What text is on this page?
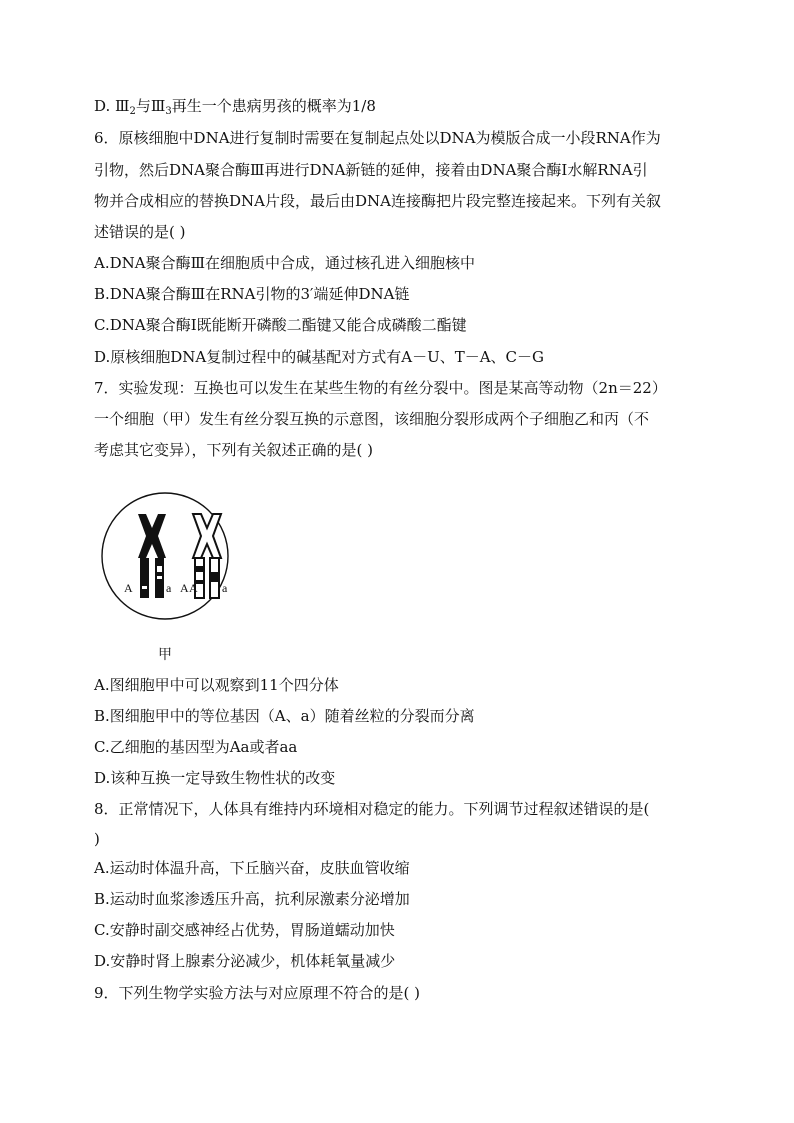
D. $Ⅲ_2$与$Ⅲ_3$再生一个患病男孩的概率为1/8
6．原核细胞中DNA进行复制时需要在复制起点处以DNA为模版合成一小段RNA作为
引物，然后DNA聚合酶Ⅲ再进行DNA新链的延伸，接着由DNA聚合酶Ⅰ水解RNA引
物并合成相应的替换DNA片段，最后由DNA连接酶把片段完整连接起来。下列有关叙
述错误的是( )
A.DNA聚合酶Ⅲ在细胞质中合成，通过核孔进入细胞核中
B.DNA聚合酶Ⅲ在RNA引物的3′端延伸DNA链
C.DNA聚合酶Ⅰ既能断开磷酸二酯键又能合成磷酸二酯键
D.原核细胞DNA复制过程中的碱基配对方式有A－U、T－A、C－G
7．实验发现：互换也可以发生在某些生物的有丝分裂中。图是某高等动物（2n＝22）
一个细胞（甲）发生有丝分裂互换的示意图，该细胞分裂形成两个子细胞乙和丙（不
考虑其它变异），下列有关叙述正确的是( )
A	a A A a
甲
A.图细胞甲中可以观察到11个四分体
B.图细胞甲中的等位基因（A、a）随着丝粒的分裂而分离
C.乙细胞的基因型为Aa或者aa
D.该种互换一定导致生物性状的改变
8．正常情况下，人体具有维持内环境相对稳定的能力。下列调节过程叙述错误的是(
)
A.运动时体温升高，下丘脑兴奋，皮肤血管收缩
B.运动时血浆渗透压升高，抗利尿激素分泌增加
C.安静时副交感神经占优势，胃肠道蠕动加快
D.安静时肾上腺素分泌减少，机体耗氧量减少
9．下列生物学实验方法与对应原理不符合的是( )
